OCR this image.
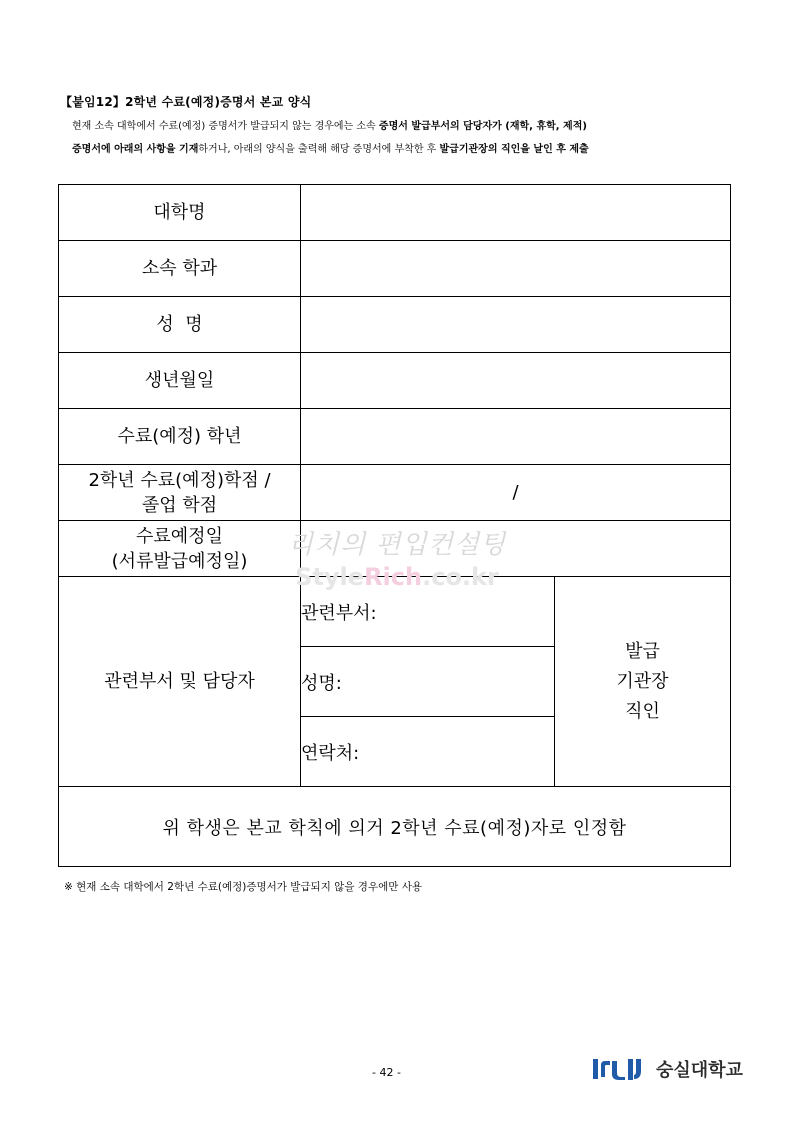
【붙임12】2학년 수료(예정)증명서 본교 양식
현재 소속 대학에서 수료(예정) 증명서가 발급되지 않는 경우에는 소속 증명서 발급부서의 담당자가 (재학, 휴학, 제적)
증명서에 아래의 사항을 기재하거나, 아래의 양식을 출력해 해당 증명서에 부착한 후 발급기관장의 직인을 날인 후 제출
대학명		
소속 학과		
성  명		
생년월일		
수료(예정) 학년		

2학년 수료(예정)학점 /
졸업 학점	/	

수료예정일
(서류발급예정일)		

관련부서 및 담당자	관련부서:	발급
기관장
직인

	성명:	
	연락처:	
위 학생은 본교 학칙에 의거 2학년 수료(예정)자로 인정함		
리치의 편입컨설팅
StyleRich.co.kr
※ 현재 소속 대학에서 2학년 수료(예정)증명서가 발급되지 않을 경우에만 사용
- 42 -	숭실대학교
